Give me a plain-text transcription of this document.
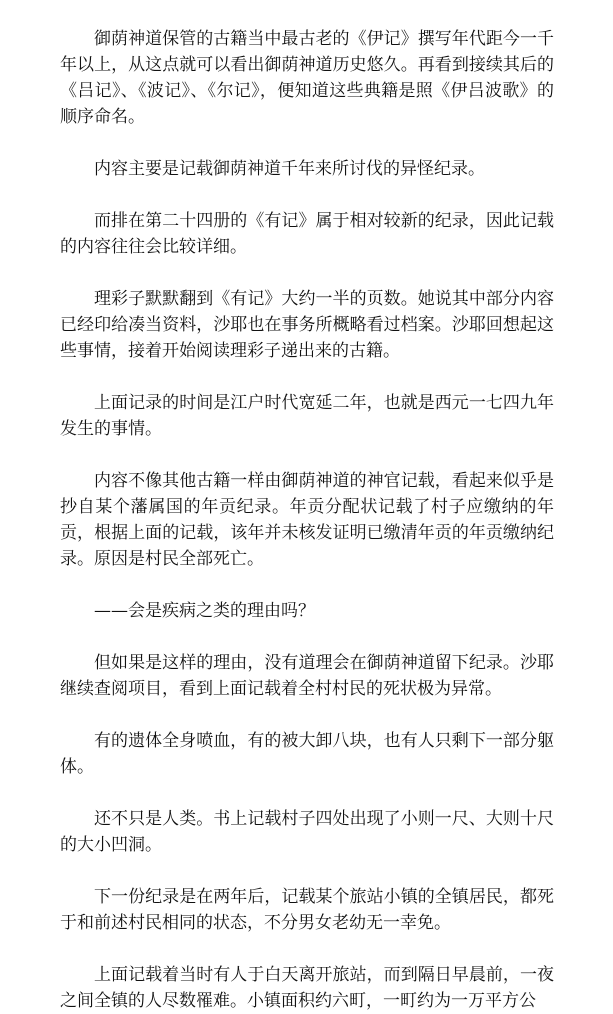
御荫神道保管的古籍当中最古老的《伊记》撰写年代距今一千年以上，从这点就可以看出御荫神道历史悠久。再看到接续其后的《吕记》、《波记》、《尔记》，便知道这些典籍是照《伊吕波歌》的顺序命名。

内容主要是记载御荫神道千年来所讨伐的异怪纪录。

而排在第二十四册的《有记》属于相对较新的纪录，因此记载的内容往往会比较详细。

理彩子默默翻到《有记》大约一半的页数。她说其中部分内容已经印给凑当资料，沙耶也在事务所概略看过档案。沙耶回想起这些事情，接着开始阅读理彩子递出来的古籍。

上面记录的时间是江户时代宽延二年，也就是西元一七四九年发生的事情。

内容不像其他古籍一样由御荫神道的神官记载，看起来似乎是抄自某个藩属国的年贡纪录。年贡分配状记载了村子应缴纳的年贡，根据上面的记载，该年并未核发证明已缴清年贡的年贡缴纳纪录。原因是村民全部死亡。

——会是疾病之类的理由吗？

但如果是这样的理由，没有道理会在御荫神道留下纪录。沙耶继续查阅项目，看到上面记载着全村村民的死状极为异常。

有的遗体全身喷血，有的被大卸八块，也有人只剩下一部分躯体。

还不只是人类。书上记载村子四处出现了小则一尺、大则十尺的大小凹洞。

下一份纪录是在两年后，记载某个旅站小镇的全镇居民，都死于和前述村民相同的状态，不分男女老幼无一幸免。

上面记载着当时有人于白天离开旅站，而到隔日早晨前，一夜之间全镇的人尽数罹难。小镇面积约六町，一町约为一万平方公
